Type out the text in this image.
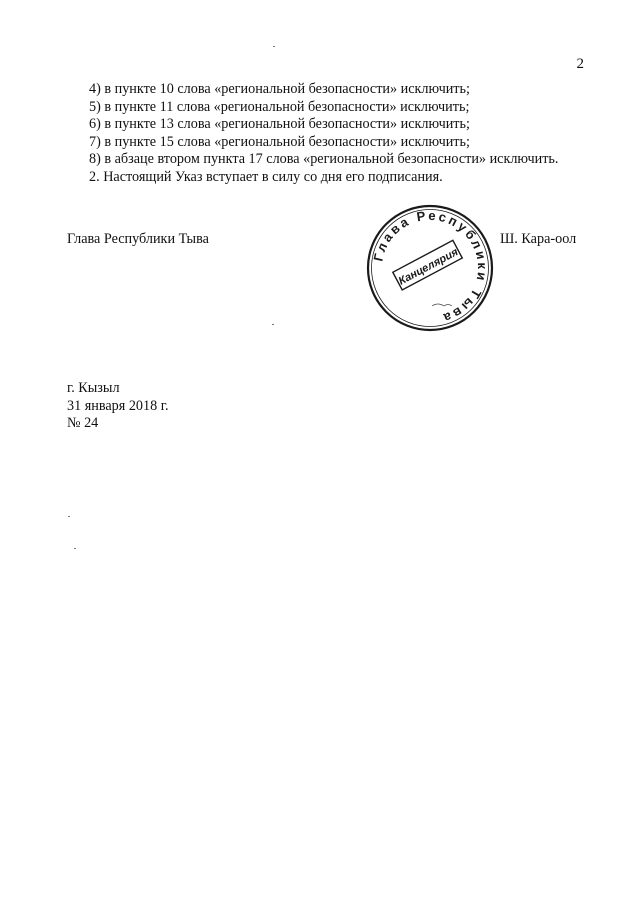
2

4) в пункте 10 слова «региональной безопасности» исключить;

5) в пункте 11 слова «региональной безопасности» исключить;

6) в пункте 13 слова «региональной безопасности» исключить;

7) в пункте 15 слова «региональной безопасности» исключить;

8) в абзаце втором пункта 17 слова «региональной безопасности» исключить.

2. Настоящий Указ вступает в силу со дня его подписания.

Глава Республики Тыва
Глава Республики Тыва
Канцелярия
Ш. Кара-оол
г. Кызыл
31 января 2018 г.
№ 24
